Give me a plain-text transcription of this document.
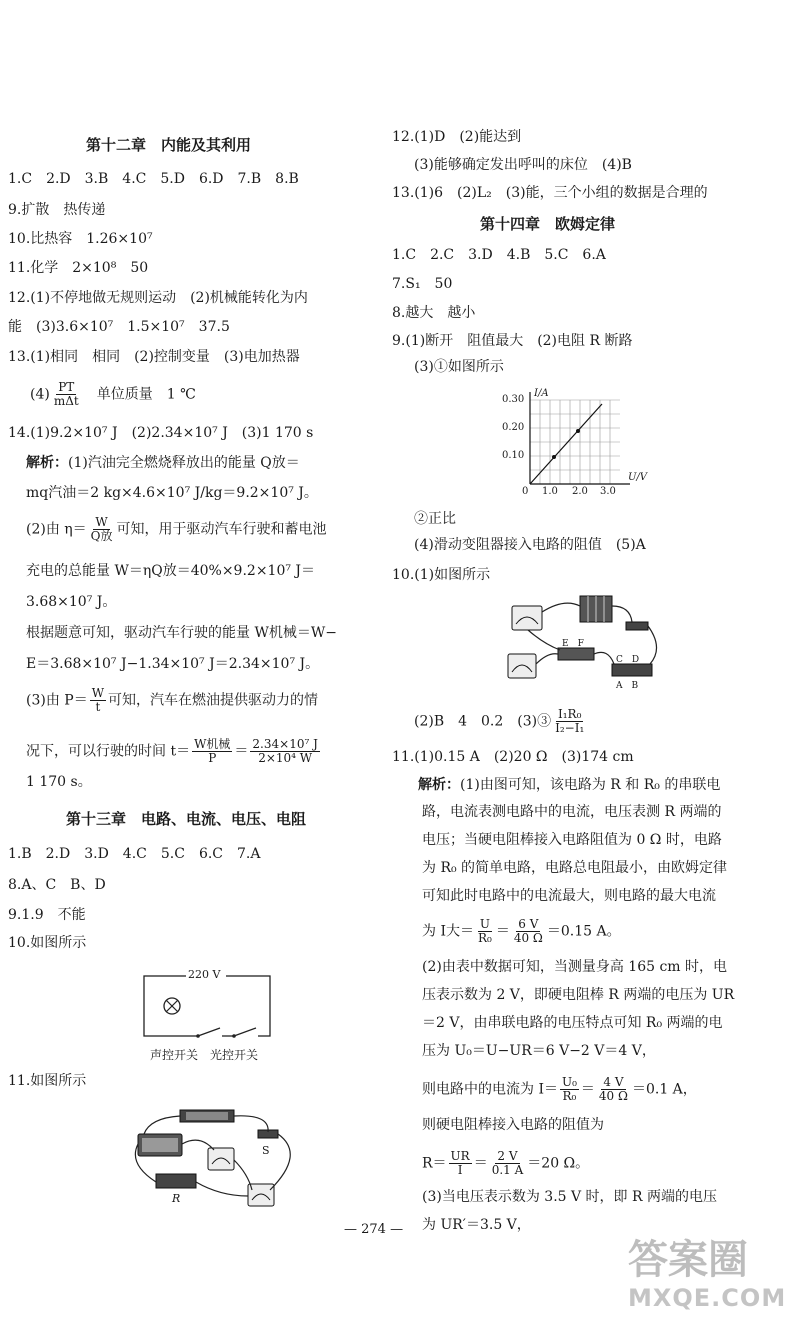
第十二章　内能及其利用
1.C　2.D　3.B　4.C　5.D　6.D　7.B　8.B
9.扩散　热传递
10.比热容　1.26×10⁷
11.化学　2×10⁸　50
12.(1)不停地做无规则运动　(2)机械能转化为内
能　(3)3.6×10⁷　1.5×10⁷　37.5
13.(1)相同　相同　(2)控制变量　(3)电加热器
$(4) \frac{PT}{\text{mΔt}}$ 　单位质量　1 ℃
14.(1)9.2×10⁷ J　(2)2.34×10⁷ J　(3)1 170 s
解析：(1)汽油完全燃烧释放出的能量 Q放＝
mq汽油＝2 kg×4.6×10⁷ J/kg＝9.2×10⁷ J。
(2)由 $\eta= \frac{W}{\text{Q放}}$ 可知，用于驱动汽车行驶和蓄电池
充电的总能量 W＝ηQ放＝40%×9.2×10⁷ J＝
3.68×10⁷ J。
根据题意可知，驱动汽车行驶的能量 W机械＝W−
E＝3.68×10⁷ J−1.34×10⁷ J＝2.34×10⁷ J。
(3)由 $P= \frac{W}{t}$ 可知，汽车在燃油提供驱动力的情
况下，可以行驶的时间 $t= \frac{\text{W机械}}{P} = \frac{\text{2.34×10⁷ J}}{\text{2×10⁴ W}}$
1 170 s。
第十三章　电路、电流、电压、电阻
1.B　2.D　3.D　4.C　5.C　6.C　7.A
8.A、C　B、D
9.1.9　不能
10.如图所示
220 V
声控开关　光控开关
11.如图所示
S
R
12.(1)D　(2)能达到
(3)能够确定发出呼叫的床位　(4)B
13.(1)6　(2)L₂　(3)能，三个小组的数据是合理的
第十四章　欧姆定律
1.C　2.C　3.D　4.B　5.C　6.A
7.S₁　50
8.越大　越小
9.(1)断开　阻值最大　(2)电阻 R 断路
(3)①如图所示
I/A
U/V
0.30
0.20
0.10
0 1.0 2.0 3.0
②正比
(4)滑动变阻器接入电路的阻值　(5)A
10.(1)如图所示
E　F
C　D
A　B
(2)B　4　0.2　(3)③ $\frac{\text{I₁R₀}}{\text{I₂−I₁}}$
11.(1)0.15 A　(2)20 Ω　(3)174 cm
解析：(1)由图可知，该电路为 R 和 R₀ 的串联电
路，电流表测电路中的电流，电压表测 R 两端的
电压；当硬电阻棒接入电路阻值为 0 Ω 时，电路
为 R₀ 的简单电路，电路总电阻最小，由欧姆定律
可知此时电路中的电流最大，则电路的最大电流
为 I大＝ $\frac{U}{\text{R₀}} = \frac{6 V}{40 \Omega} =0.15$ A。
(2)由表中数据可知，当测量身高 165 cm 时，电
压表示数为 2 V，即硬电阻棒 R 两端的电压为 UR
＝2 V，由串联电路的电压特点可知 R₀ 两端的电
压为 U₀＝U−UR＝6 V−2 V＝4 V，
则电路中的电流为 $I= \frac{\text{U₀}}{\text{R₀}} = \frac{4 V}{40 \Omega} =0.1$ A，
则硬电阻棒接入电路的阻值为
$R= \frac{UR}{I} = \frac{2 V}{0.1 A} =20$ Ω。
(3)当电压表示数为 3.5 V 时，即 R 两端的电压
为 UR′＝3.5 V，
— 274 —
答案圈
MXQE.COM
